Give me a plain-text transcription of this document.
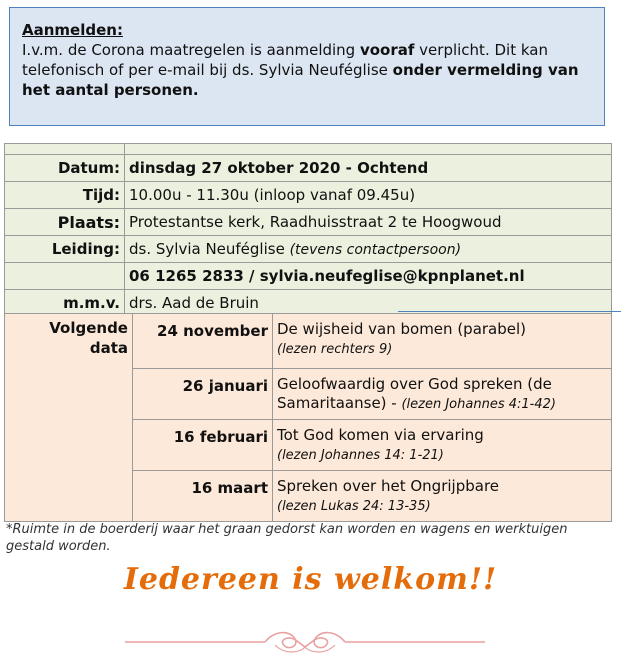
Aanmelden:
I.v.m. de Corona maatregelen is aanmelding vooraf verplicht. Dit kan telefonisch of per e-mail bij ds. Sylvia Neuféglise onder vermelding van het aantal personen.

Datum:	dinsdag 27 oktober 2020 - Ochtend
Tijd:	10.00u - 11.30u (inloop vanaf 09.45u)
Plaats:	Protestantse kerk, Raadhuisstraat 2 te Hoogwoud
Leiding:	ds. Sylvia Neuféglise (tevens contactpersoon)
	06 1265 2833 / sylvia.neufeglise@kpnplanet.nl
m.m.v.	drs. Aad de Bruin

Volgende data	24 november	De wijsheid van bomen (parabel)
(lezen rechters 9)
	26 januari	Geloofwaardig over God spreken (de Samaritaanse) - (lezen Johannes 4:1-42)
	16 februari	Tot God komen via ervaring
(lezen Johannes 14: 1-21)
	16 maart	Spreken over het Ongrijpbare
(lezen Lukas 24: 13-35)
*Ruimte in de boerderij waar het graan gedorst kan worden en wagens en werktuigen gestald worden.
Iedereen is welkom!!
